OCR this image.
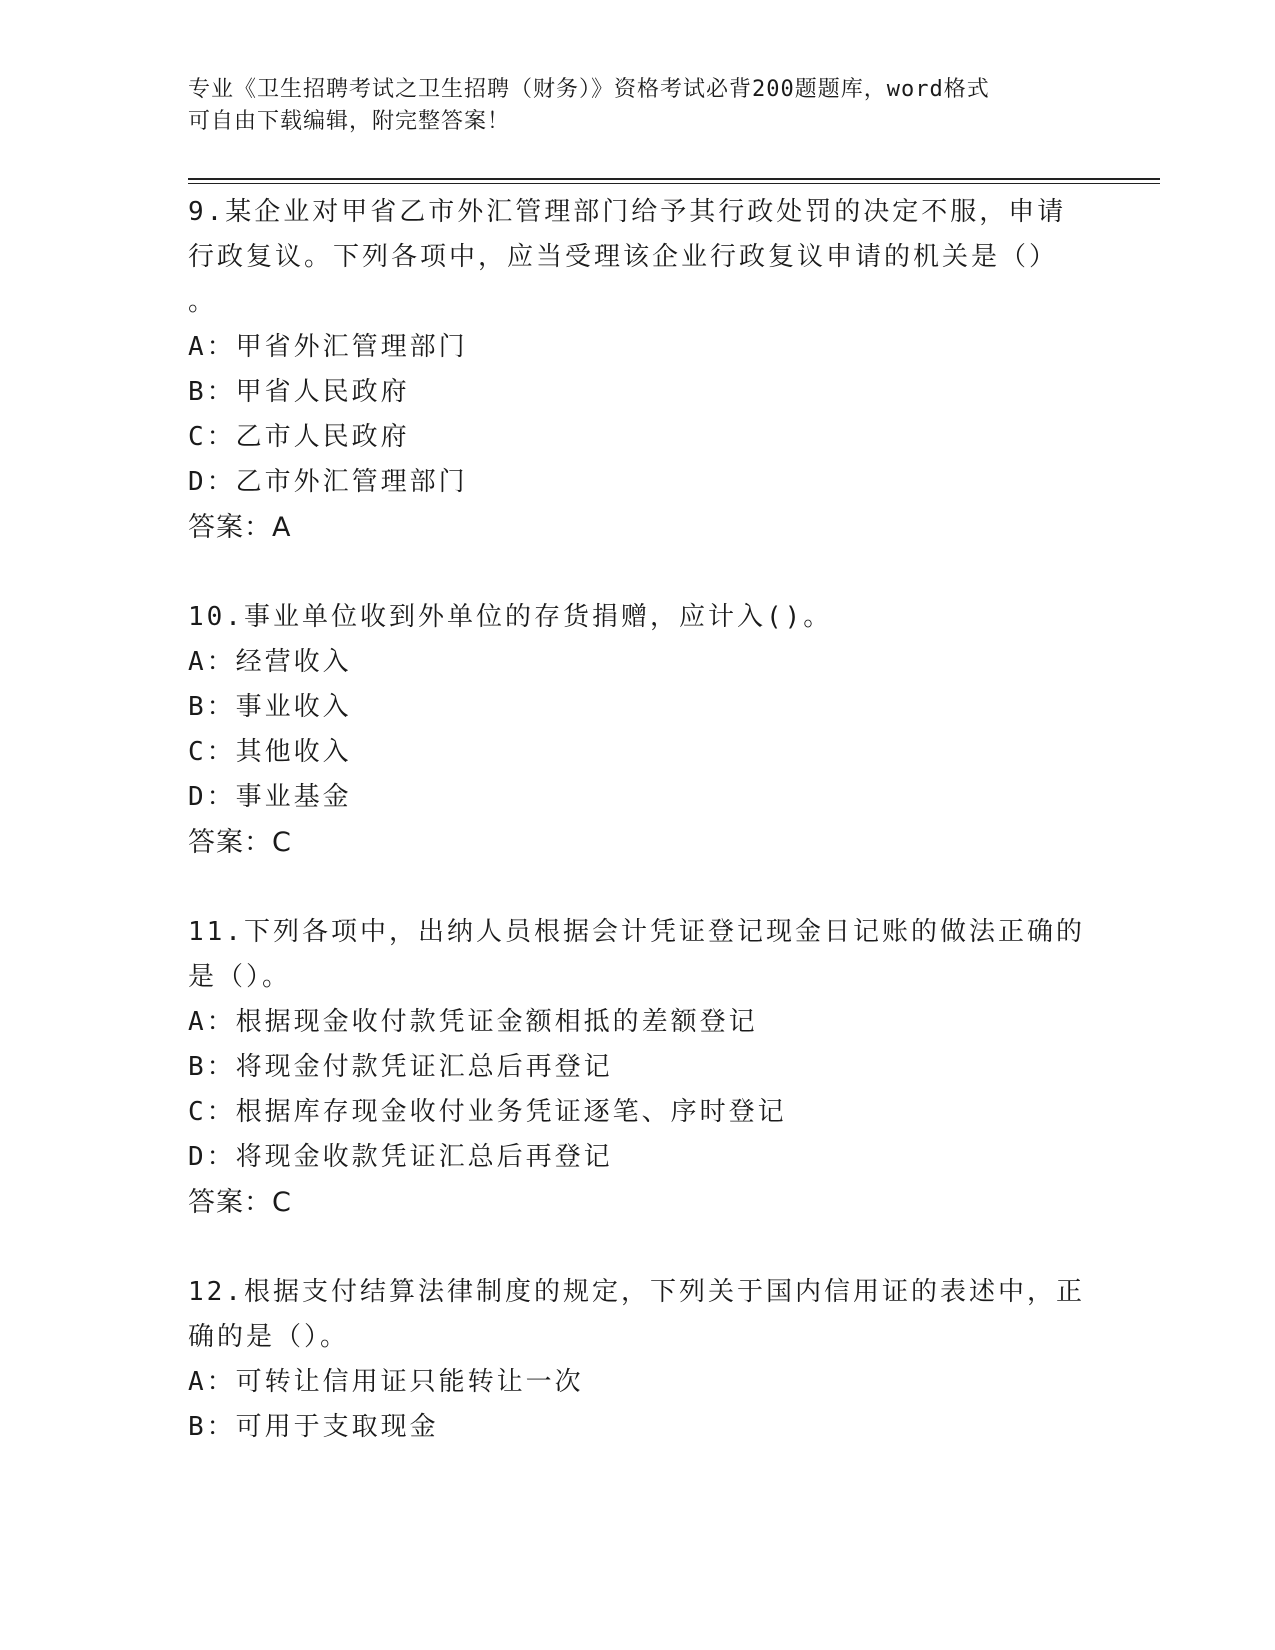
专业《卫生招聘考试之卫生招聘（财务）》资格考试必背200题题库，word格式

可自由下载编辑，附完整答案！

9.某企业对甲省乙市外汇管理部门给予其行政处罚的决定不服，申请
行政复议。下列各项中，应当受理该企业行政复议申请的机关是（）
。

A：甲省外汇管理部门

B：甲省人民政府

C：乙市人民政府

D：乙市外汇管理部门

答案：A

10.事业单位收到外单位的存货捐赠，应计入()。

A：经营收入

B：事业收入

C：其他收入

D：事业基金

答案：C

11.下列各项中，出纳人员根据会计凭证登记现金日记账的做法正确的
是（）。

A：根据现金收付款凭证金额相抵的差额登记

B：将现金付款凭证汇总后再登记

C：根据库存现金收付业务凭证逐笔、序时登记

D：将现金收款凭证汇总后再登记

答案：C

12.根据支付结算法律制度的规定，下列关于国内信用证的表述中，正
确的是（）。

A：可转让信用证只能转让一次

B：可用于支取现金
